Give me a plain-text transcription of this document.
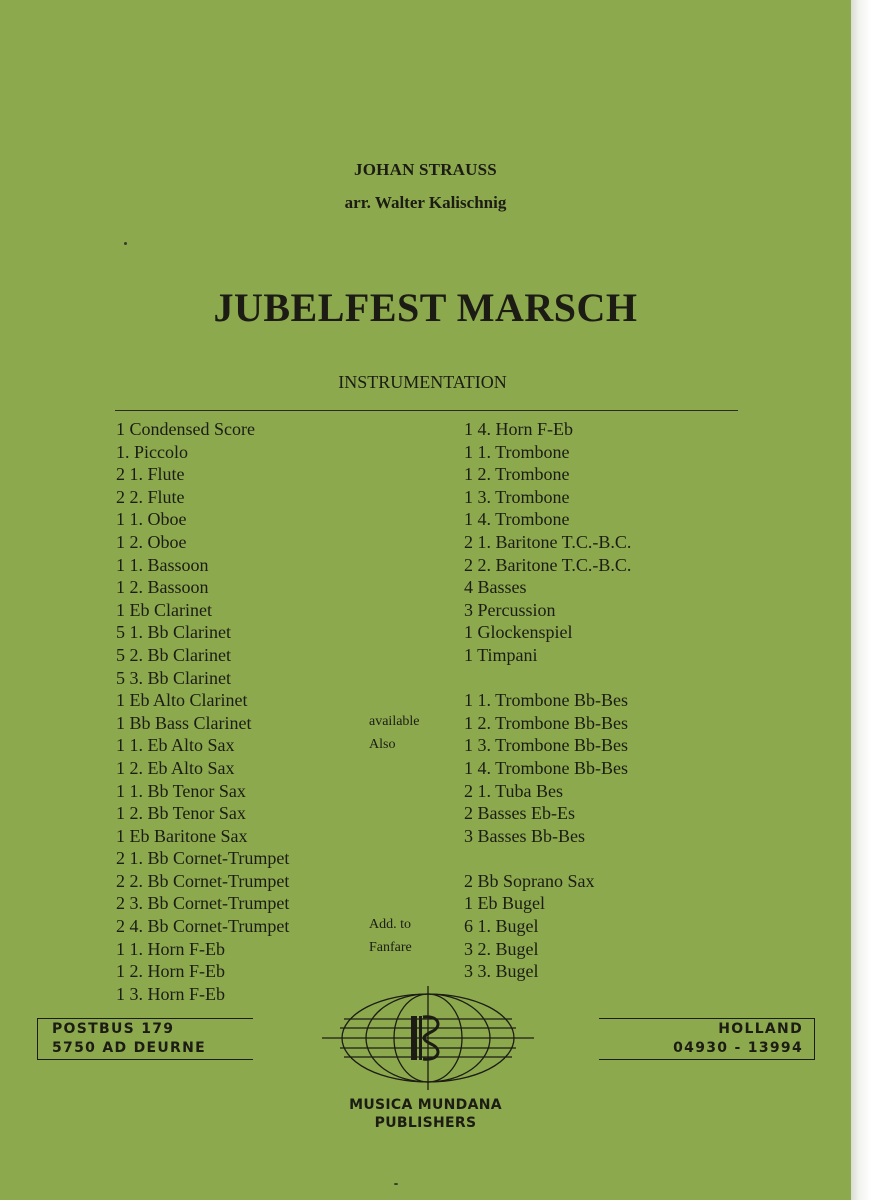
JOHAN STRAUSS
arr. Walter Kalischnig
JUBELFEST MARSCH
INSTRUMENTATION
1 Condensed Score
1. Piccolo
2 1. Flute
2 2. Flute
1 1. Oboe
1 2. Oboe
1 1. Bassoon
1 2. Bassoon
1 Eb Clarinet
5 1. Bb Clarinet
5 2. Bb Clarinet
5 3. Bb Clarinet
1 Eb Alto Clarinet
1 Bb Bass Clarinet
1 1. Eb Alto Sax
1 2. Eb Alto Sax
1 1. Bb Tenor Sax
1 2. Bb Tenor Sax
1 Eb Baritone Sax
2 1. Bb Cornet-Trumpet
2 2. Bb Cornet-Trumpet
2 3. Bb Cornet-Trumpet
2 4. Bb Cornet-Trumpet
1 1. Horn F-Eb
1 2. Horn F-Eb
1 3. Horn F-Eb
1 4. Horn F-Eb
1 1. Trombone
1 2. Trombone
1 3. Trombone
1 4. Trombone
2 1. Baritone T.C.-B.C.
2 2. Baritone T.C.-B.C.
4 Basses
3 Percussion
1 Glockenspiel
1 Timpani
1 1. Trombone Bb-Bes
1 2. Trombone Bb-Bes
1 3. Trombone Bb-Bes
1 4. Trombone Bb-Bes
2 1. Tuba Bes
2 Basses Eb-Es
3 Basses Bb-Bes
2 Bb Soprano Sax
1 Eb Bugel
6 1. Bugel
3 2. Bugel
3 3. Bugel
available
Also
Add. to
Fanfare
POSTBUS 179
5750 AD DEURNE
HOLLAND
04930 - 13994
MUSICA MUNDANA
PUBLISHERS
